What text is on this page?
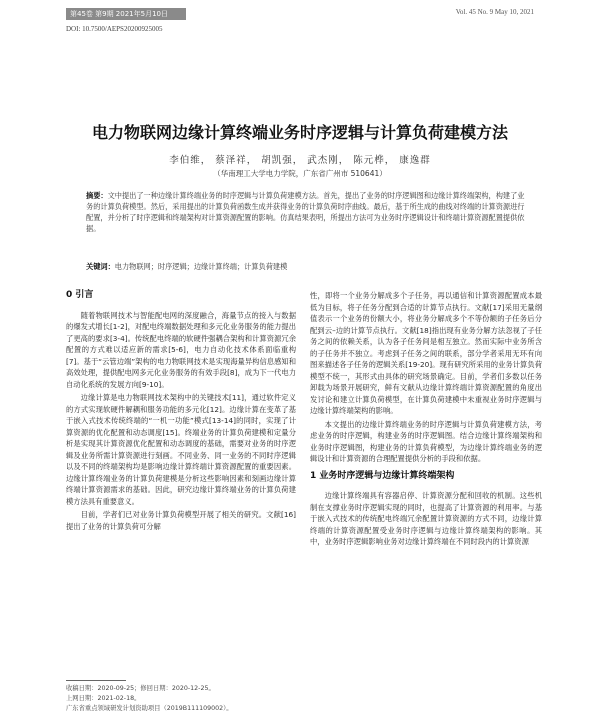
第45卷 第9期 2021年5月10日	Vol. 45 No. 9 May 10, 2021
DOI: 10.7500/AEPS20200925005
电力物联网边缘计算终端业务时序逻辑与计算负荷建模方法
李伯维， 蔡泽祥， 胡凯强， 武杰刚， 陈元桦， 康逸群
（华南理工大学电力学院，广东省广州市 510641）
摘要：文中提出了一种边缘计算终端业务的时序逻辑与计算负荷建模方法。首先，提出了业务的时序逻辑图和边缘计算终端架构，构建了业务的计算负荷模型。然后，采用提出的计算负荷函数生成并获得业务的计算负荷时序曲线。最后，基于所生成的曲线对终端的计算资源进行配置，并分析了时序逻辑和终端架构对计算资源配置的影响。仿真结果表明，所提出方法可为业务时序逻辑设计和终端计算资源配置提供依据。
关键词：电力物联网；时序逻辑；边缘计算终端；计算负荷建模
0 引言

随着物联网技术与智能配电网的深度融合，海量节点的接入与数据的爆发式增长[1-2]，对配电终端数据处理和多元化业务服务的能力提出了更高的要求[3-4]。传统配电终端的软硬件强耦合架构和计算资源冗余配置的方式难以适应新的需求[5-6]，电力自动化技术体系面临重构[7]。基于“云管边端”架构的电力物联网技术是实现海量异构信息感知和高效处理，提供配电网多元化业务服务的有效手段[8]，成为下一代电力自动化系统的发展方向[9-10]。

边缘计算是电力物联网技术架构中的关键技术[11]，通过软件定义的方式实现软硬件解耦和服务功能的多元化[12]。边缘计算在变革了基于嵌入式技术传统终端的“一机一功能”模式[13-14]的同时，实现了计算资源的优化配置和动态调度[15]。终端业务的计算负荷建模和定量分析是实现其计算资源优化配置和动态调度的基础，需要对业务的时序逻辑及业务所需计算资源进行刻画。不同业务、同一业务的不同时序逻辑以及不同的终端架构均是影响边缘计算终端计算资源配置的重要因素。边缘计算终端业务的计算负荷建模是分析这些影响因素和刻画边缘计算终端计算资源需求的基础。因此，研究边缘计算终端业务的计算负荷建模方法具有重要意义。

目前，学者们已对业务计算负荷模型开展了相关的研究。文献[16]提出了业务的计算负荷可分解

性，即将一个业务分解成多个子任务，再以通信和计算资源配置成本最低为目标，将子任务分配到合适的计算节点执行。文献[17]采用无量纲值表示一个业务的份额大小，将业务分解成多个不等份额的子任务后分配到云–边的计算节点执行。文献[18]指出现有业务分解方法忽视了子任务之间的依赖关系，认为各子任务间是相互独立。然而实际中业务所含的子任务并不独立。考虑到子任务之间的联系，部分学者采用无环有向图来描述各子任务的逻辑关系[19-20]。现有研究所采用的业务计算负荷模型不统一，其形式由具体的研究场景确定。目前，学者们多数以任务卸载为场景开展研究，鲜有文献从边缘计算终端计算资源配置的角度出发讨论和建立计算负荷模型，在计算负荷建模中未重视业务时序逻辑与边缘计算终端架构的影响。

本文提出的边缘计算终端业务的时序逻辑与计算负荷建模方法，考虑业务的时序逻辑，构建业务的时序逻辑图。结合边缘计算终端架构和业务时序逻辑图，构建业务的计算负荷模型，为边缘计算终端业务的逻辑设计和计算资源的合理配置提供分析的手段和依据。

1 业务时序逻辑与边缘计算终端架构

边缘计算终端具有容器启停、计算资源分配和回收的机制。这些机制在支撑业务时序逻辑实现的同时，也提高了计算资源的利用率。与基于嵌入式技术的传统配电终端冗余配置计算资源的方式不同，边缘计算终端的计算资源配置受业务时序逻辑与边缘计算终端架构的影响。其中，业务时序逻辑影响业务对边缘计算终端在不同时段内的计算资源

收稿日期：2020-09-25；修回日期：2020-12-25。
上网日期：2021-02-18。
广东省重点领域研发计划资助项目（2019B111109002）。
